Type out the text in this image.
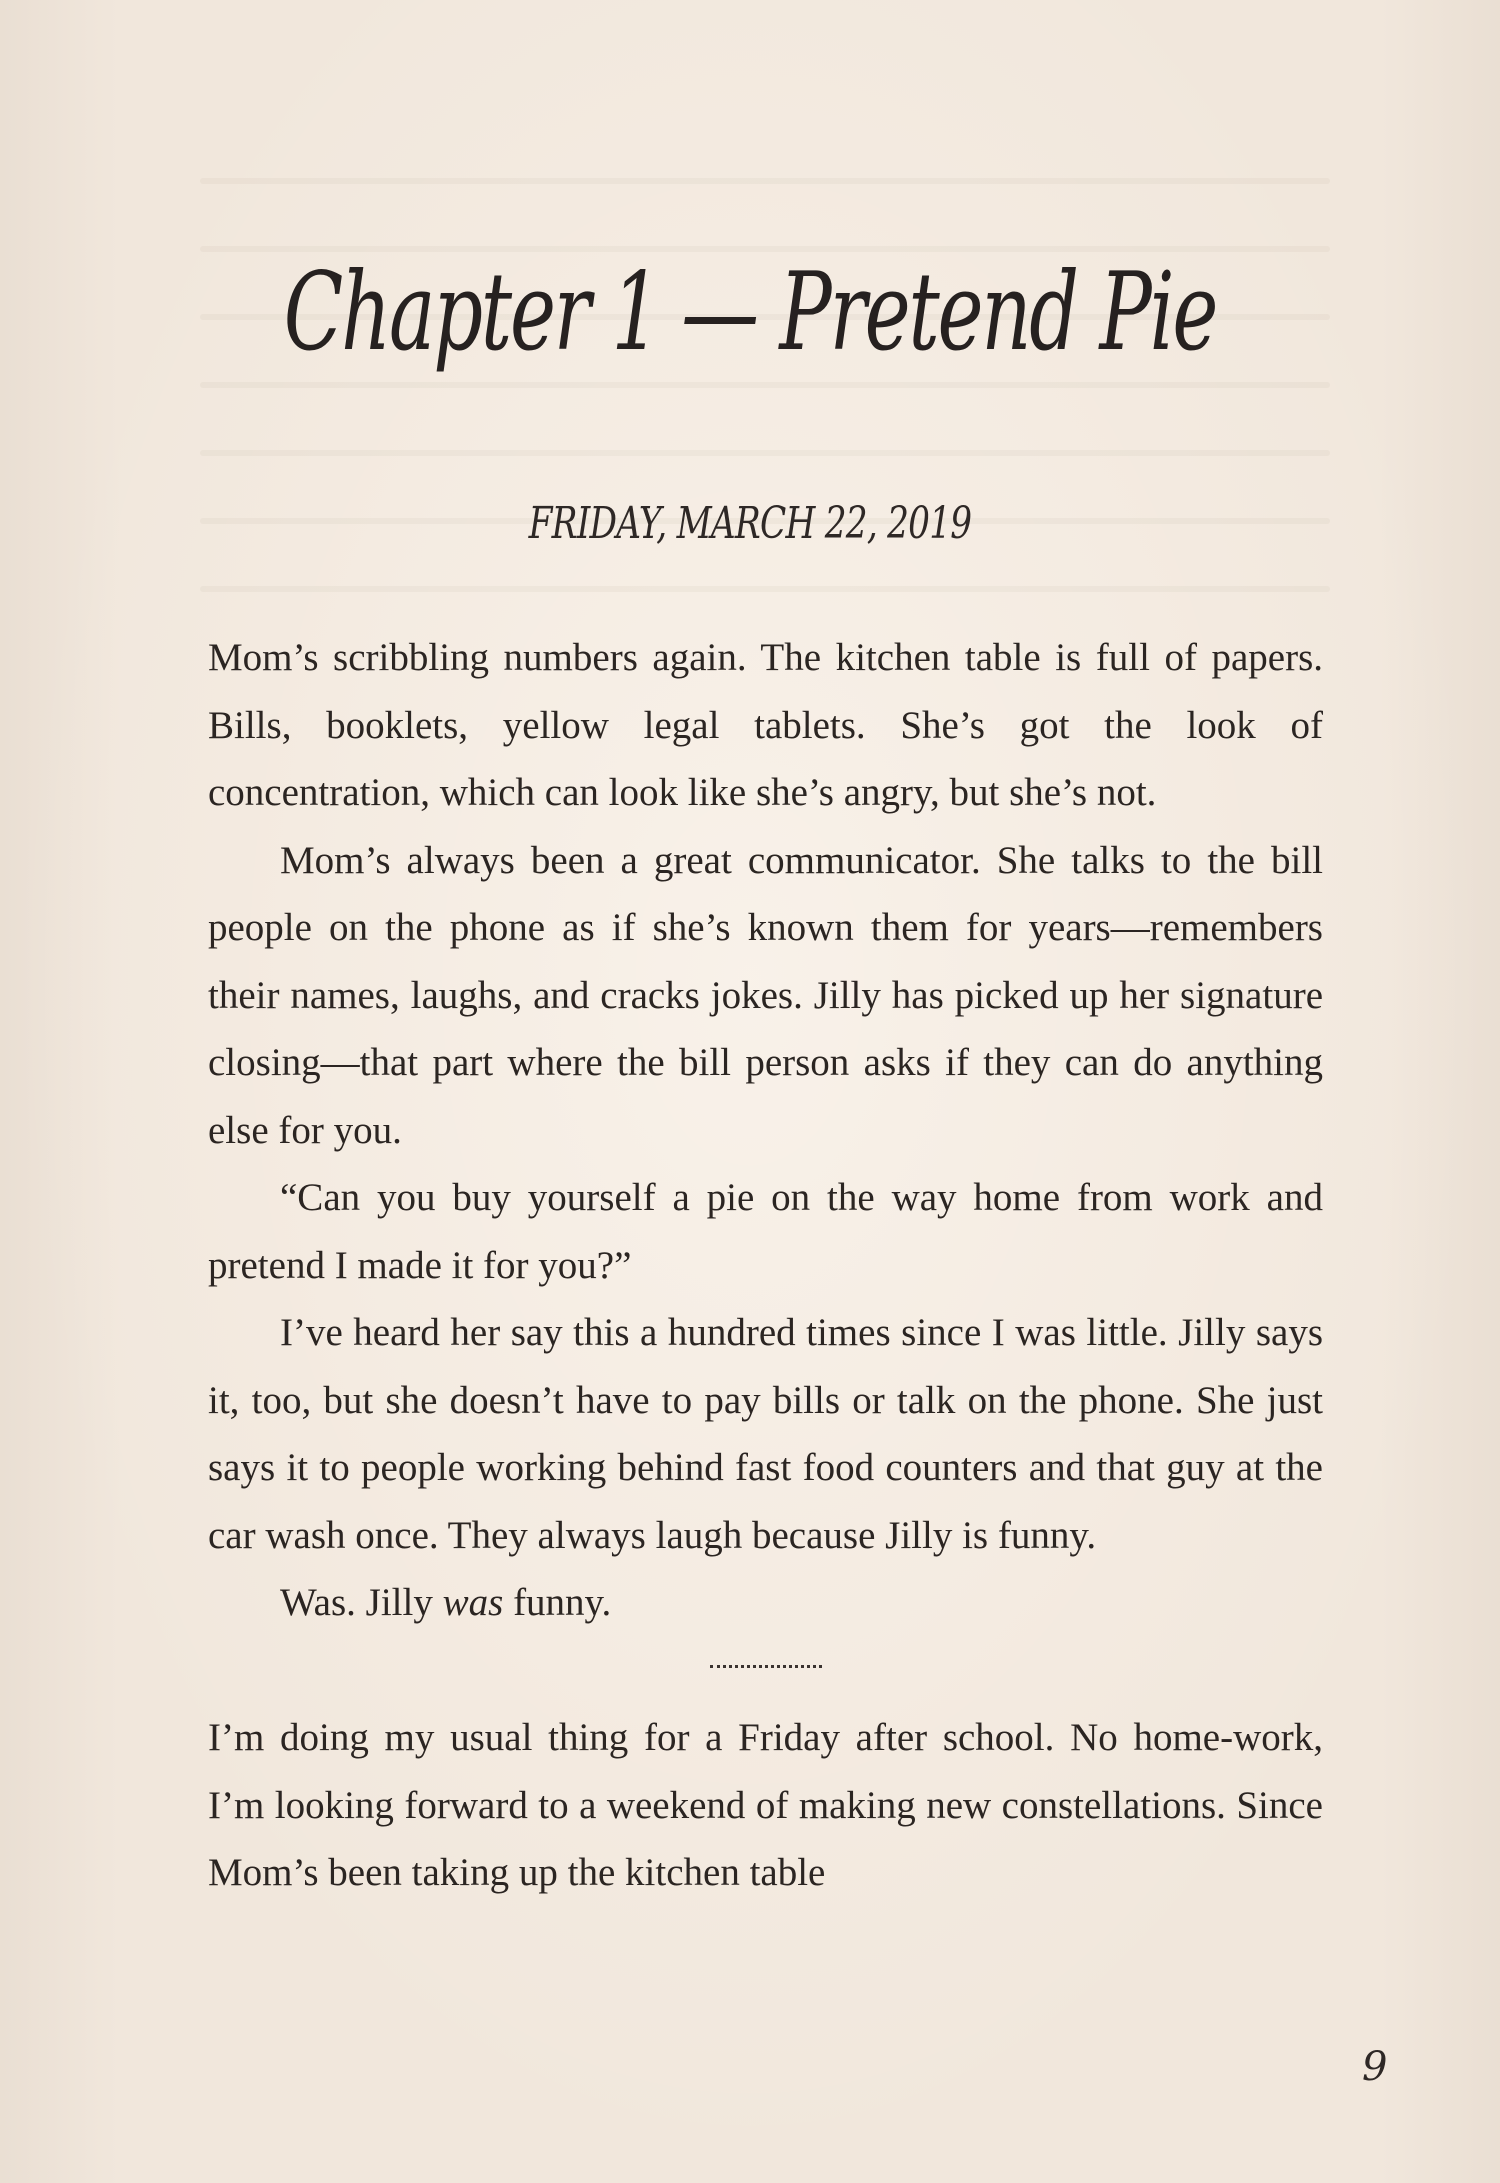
Chapter 1 — Pretend Pie
FRIDAY, MARCH 22, 2019

Mom’s scribbling numbers again. The kitchen table is full of papers. Bills, booklets, yellow legal tablets. She’s got the look of concentration, which can look like she’s angry, but she’s not.

Mom’s always been a great communicator. She talks to the bill people on the phone as if she’s known them for years—remembers their names, laughs, and cracks jokes. Jilly has picked up her signature closing—that part where the bill person asks if they can do anything else for you.

“Can you buy yourself a pie on the way home from work and pretend I made it for you?”

I’ve heard her say this a hundred times since I was little. Jilly says it, too, but she doesn’t have to pay bills or talk on the phone. She just says it to people working behind fast food counters and that guy at the car wash once. They always laugh because Jilly is funny.

Was. Jilly was funny.

I’m doing my usual thing for a Friday after school. No home-work, I’m looking forward to a weekend of making new constellations. Since Mom’s been taking up the kitchen table

9
